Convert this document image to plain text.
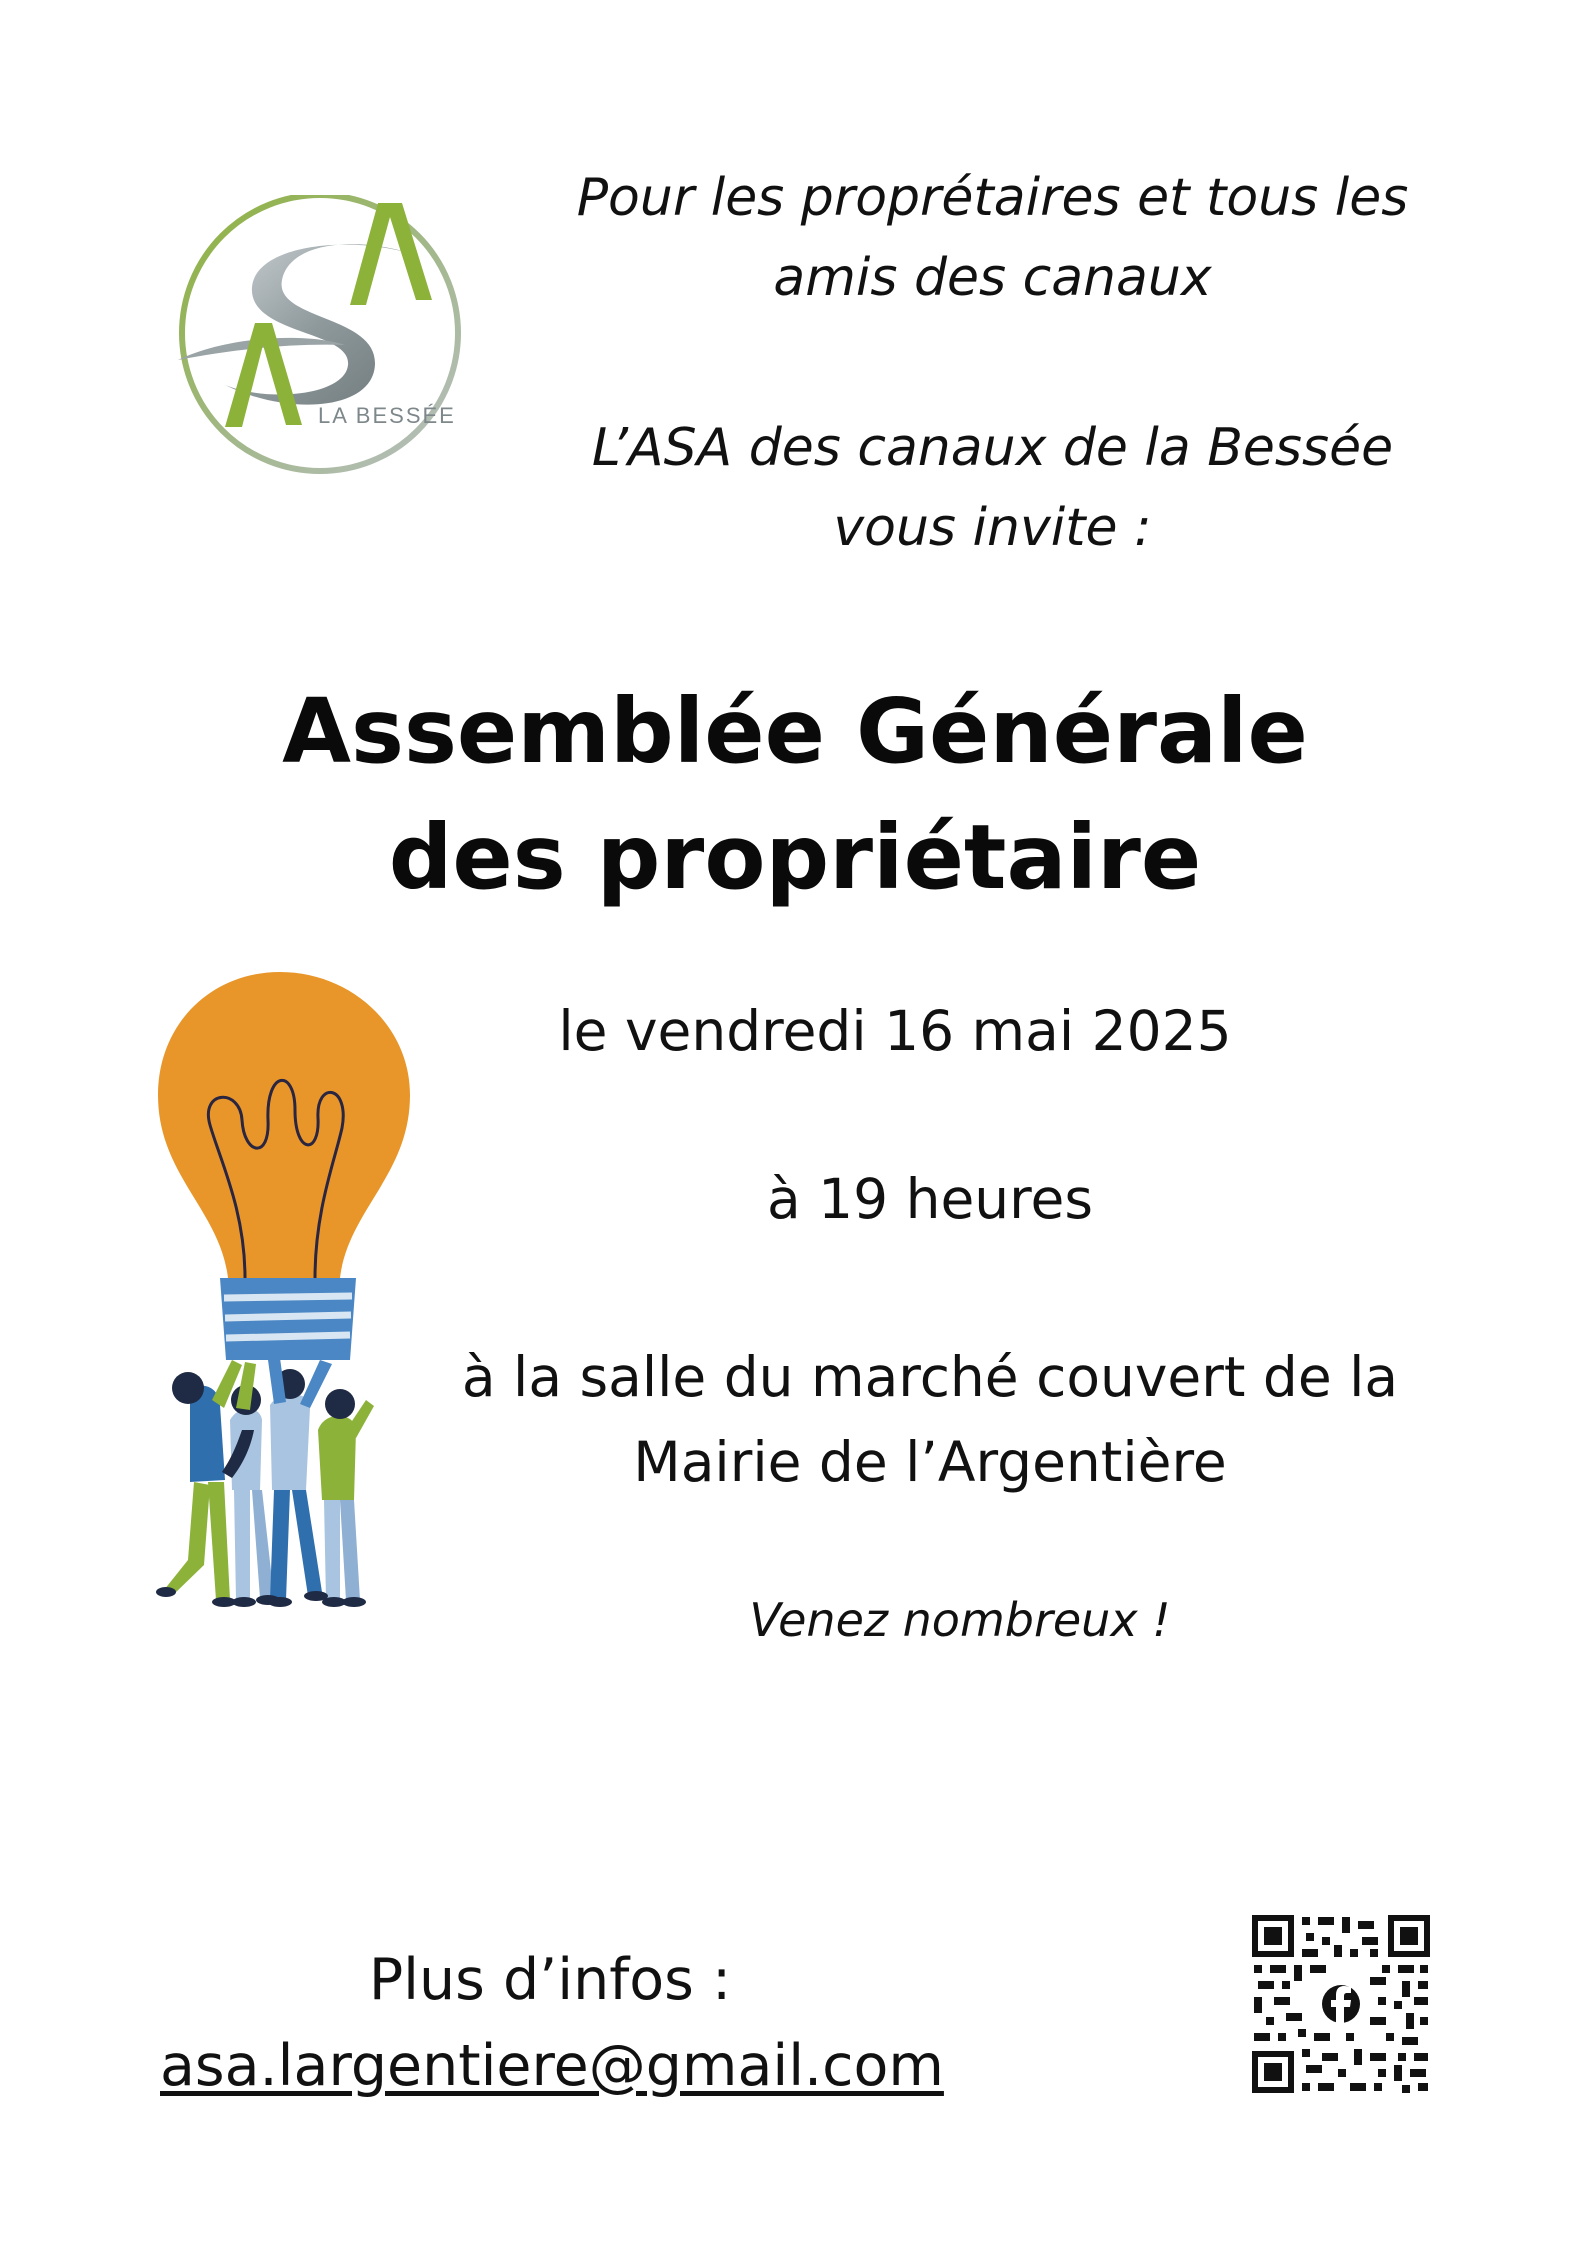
LA BESSÉE
Pour les proprétaires et tous les
amis des canaux
L’ASA des canaux de la Bessée
vous invite :
Assemblée Générale
des propriétaire
le vendredi 16 mai 2025
à 19 heures
à la salle du marché couvert de la
Mairie de l’Argentière
Venez nombreux !
Plus d’infos :
asa.largentiere@gmail.com
